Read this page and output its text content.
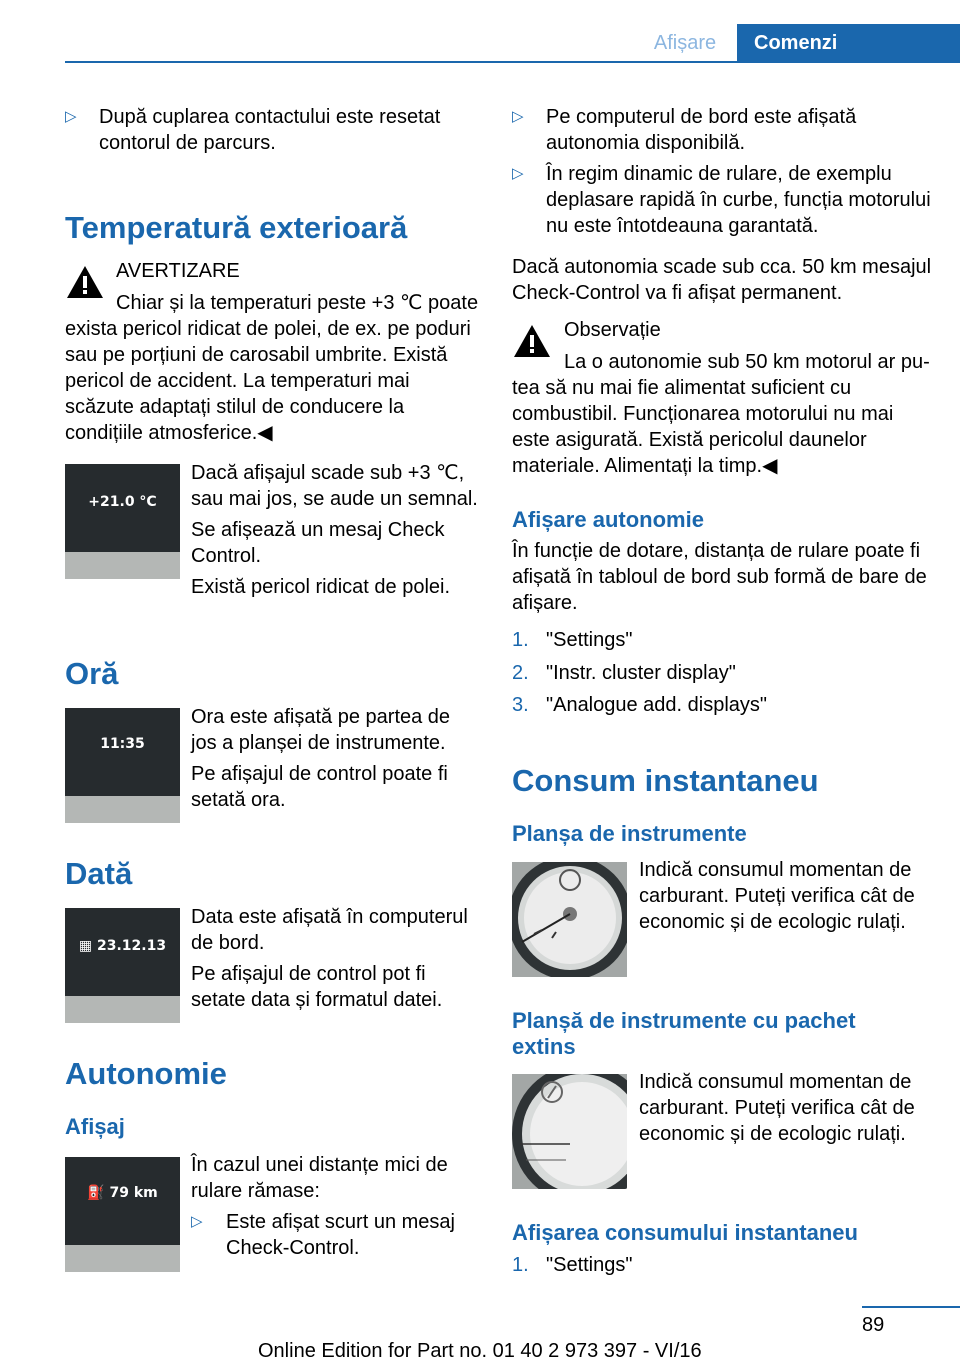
Afișare	Comenzi
▷ După cuplarea contactului este resetat contorul de parcurs.

Temperatură exterioară
AVERTIZARE
Chiar și la temperaturi peste +3 ℃ poate

exista pericol ridicat de polei, de ex. pe poduri sau pe porțiuni de carosabil umbrite. Există pericol de accident. La temperaturi mai scăzute adaptați stilul de conducere la condițiile atmosferice.◀

+21.0 °C

Dacă afișajul scade sub +3 ℃, sau mai jos, se aude un semnal.

Se afișează un mesaj Check Control.

Există pericol ridicat de polei.

Oră
11:35

Ora este afișată pe partea de jos a planșei de instrumente.

Pe afișajul de control poate fi setată ora.

Dată
▦ 23.12.13

Data este afișată în computerul de bord.

Pe afișajul de control pot fi setate data și formatul datei.

Autonomie
Afișaj
⛽ 79 km

În cazul unei distanțe mici de rulare rămase:

▷ Este afișat scurt un mesaj Check-Control.

▷ Pe computerul de bord este afișată autonomia disponibilă.

▷ În regim dinamic de rulare, de exemplu deplasare rapidă în curbe, funcția motorului nu este întotdeauna garantată.

Dacă autonomia scade sub cca. 50 km mesajul Check-Control va fi afișat permanent.

Observație
La o autonomie sub 50 km motorul ar pu-

tea să nu mai fie alimentat suficient cu combustibil. Funcționarea motorului nu mai este asigurată. Există pericolul daunelor materiale. Alimentați la timp.◀

Afișare autonomie

În funcție de dotare, distanța de rulare poate fi afișată în tabloul de bord sub formă de bare de afișare.

1. "Settings"
2. "Instr. cluster display"
3. "Analogue add. displays"
Consum instantaneu
Planșa de instrumente

Indică consumul momentan de carburant. Puteți verifica cât de economic și de ecologic rulați.

Planșă de instrumente cu pachet extins

Indică consumul momentan de carburant. Puteți verifica cât de economic și de ecologic rulați.

Afișarea consumului instantaneu
1. "Settings"
89
Online Edition for Part no. 01 40 2 973 397 - VI/16
